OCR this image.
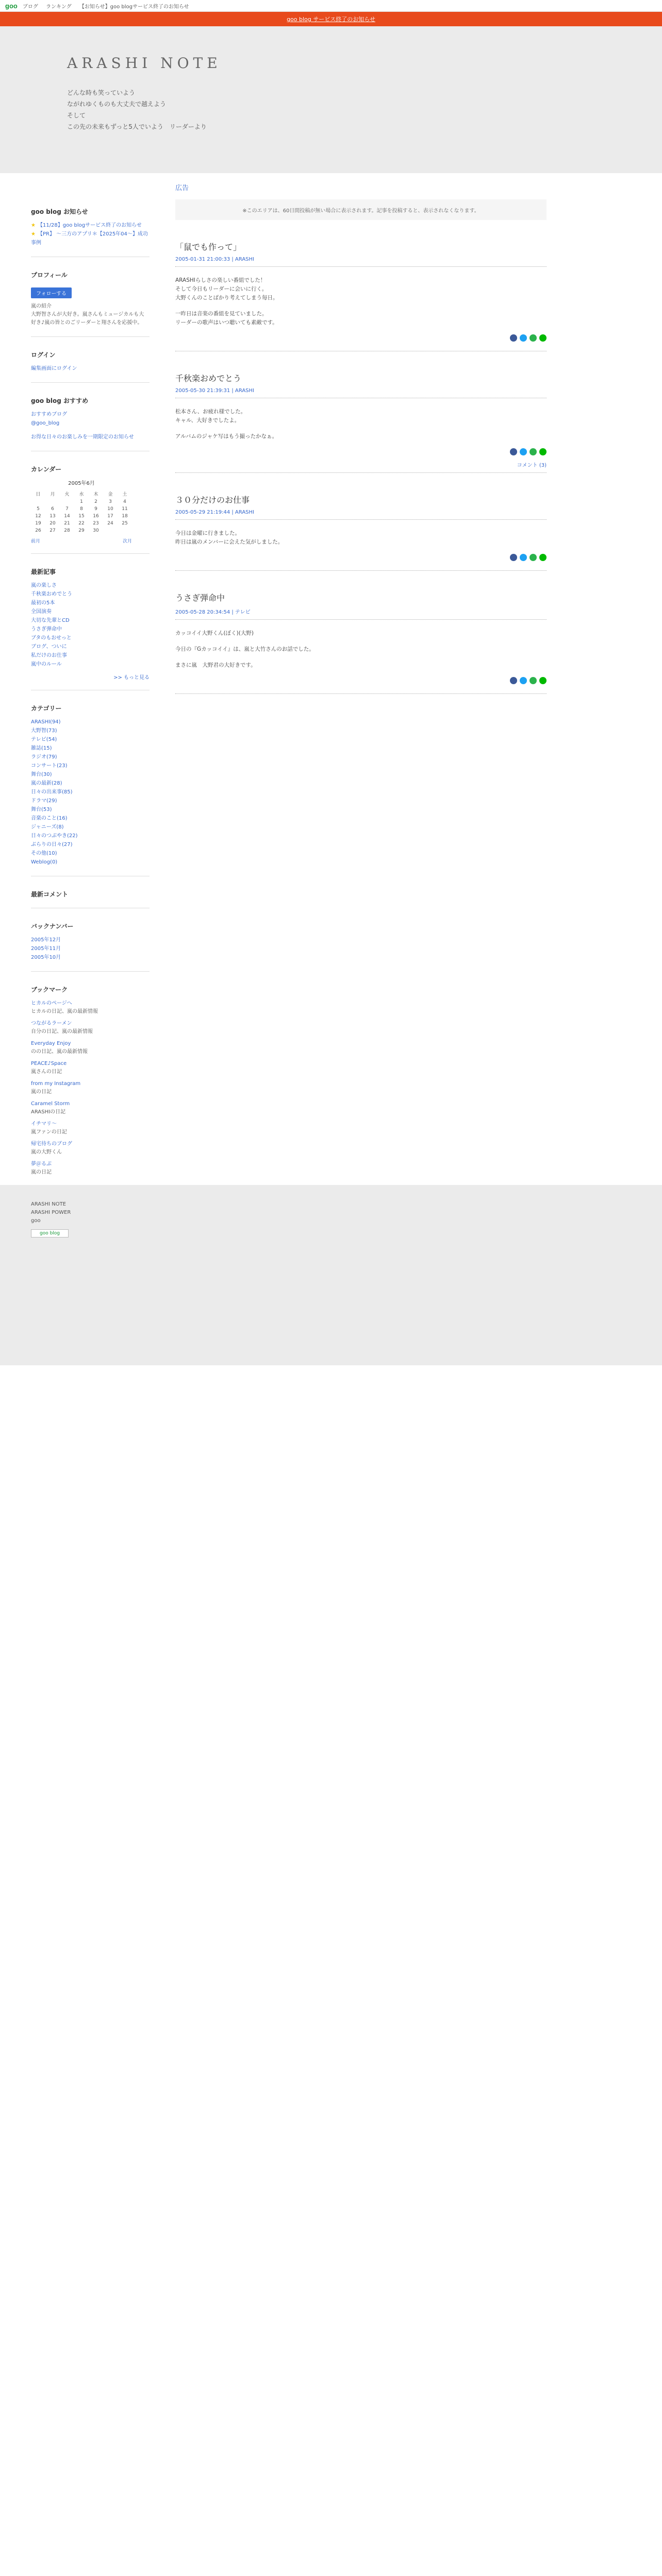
goo ブログ ランキング 【お知らせ】goo blogサービス終了のお知らせ
goo blog サービス終了のお知らせ
ARASHI NOTE
どんな時も笑っていよう
ながれゆくものも大丈夫で越えよう
そして
この先の未来もずっと5人でいよう　リーダーより
goo blog お知らせ
★ 【11/28】goo blogサービス終了のお知らせ
★ 【PR】 ～三方のアプリ＊【2025年04～】成功事例
プロフィール
フォローする
嵐の紹介
大野智さんが大好き。嵐さんもミュージカルも大好き♪嵐の皆とのごリーダーと翔さんを応援中。
ログイン
編集画面にログイン
goo blog おすすめ
おすすめブログ
@goo_blog
お得な日々のお楽しみを一期限定のお知らせ
カレンダー
2005年6月
日	月	火	水	木	金	土
			1	2	3	4
5	6	7	8	9	10	11
12	13	14	15	16	17	18
19	20	21	22	23	24	25
26	27	28	29	30		
前月	次月
最新記事
嵐の楽しさ
千秋楽おめでとう
最初の5本
全国演奏
大切な先輩とCD
うさぎ弾命中
ブタのもおせっと
ブログ、ついに
私だけのお仕事
嵐中のルール
>> もっと見る
カテゴリー
ARASHI(94)
大野智(73)
テレビ(54)
雑誌(15)
ラジオ(79)
コンサート(23)
舞台(30)
嵐の最新(28)
日々の出来事(85)
ドラマ(29)
舞台(53)
音楽のこと(16)
ジャニーズ(8)
日々のつぶやき(22)
ぶらりの日々(27)
その他(10)
Weblog(0)
最新コメント
バックナンバー
2005年12月
2005年11月
2005年10月
ブックマーク
ヒカルのページへ
ヒカルの日記、嵐の最新情報
つながるラーメン
自分の日記、嵐の最新情報
Everyday Enjoy
のの日記、嵐の最新情報
PEACE♪Space
嵐さんの日記
from my Instagram
嵐の日記
Caramel Storm
ARASHIの日記
イチマリ～
嵐ファンの日記
帰宅待ちのブログ
嵐の大野くん
夢＠るぶ
嵐の日記
広告
※このエリアは、60日間投稿が無い場合に表示されます。記事を投稿すると、表示されなくなります。
「鼠でも作って」
2005-01-31 21:00:33 | ARASHI

ARASHIらしさの楽しい番組でした！
そして今日もリーダーに会いに行く。
大野くんのことばかり考えてしまう毎日。

一昨日は音楽の番組を見ていました。
リーダーの歌声はいつ聴いても素敵です。

千秋楽おめでとう
2005-05-30 21:39:31 | ARASHI

松本さん、お疲れ様でした。
キャル、大好きでしたよ。

アルバムのジャケ写はもう撮ったかなぁ。

コメント (3)
３０分だけのお仕事
2005-05-29 21:19:44 | ARASHI

今日は金曜に行きました。
昨日は嵐のメンバーに会えた気がしました。

うさぎ弾命中
2005-05-28 20:34:54 | テレビ

カッコイイ大野くん(ぼく)(大野)

今日の『Gカッコイイ』は、嵐と大竹さんのお話でした。

まさに嵐　大野君の大好きです。

ARASHI NOTE
ARASHI POWER
goo
goo blog
